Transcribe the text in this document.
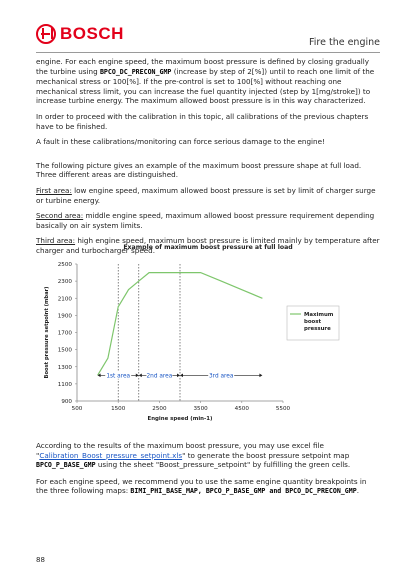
BOSCH	Fire the engine

engine. For each engine speed, the maximum boost pressure is defined by closing gradually the turbine using BPCO_DC_PRECON_GMP (increase by step of 2[%]) until to reach one limit of the mechanical stress or 100[%]. If the pre-control is set to 100[%] without reaching one mechanical stress limit, you can increase the fuel quantity injected (step by 1[mg/stroke]) to increase turbine energy. The maximum allowed boost pressure is in this way characterized.

In order to proceed with the calibration in this topic, all calibrations of the previous chapters have to be finished.

A fault in these calibrations/monitoring can force serious damage to the engine!

The following picture gives an example of the maximum boost pressure shape at full load. Three different areas are distinguished.

First area: low engine speed, maximum allowed boost pressure is set by limit of charger surge or turbine energy.

Second area: middle engine speed, maximum allowed boost pressure requirement depending basically on air system limits.

Third area: high engine speed, maximum boost pressure is limited mainly by temperature after charger and turbocharger speed.

Example of maximum boost pressure at full load
900
1100
1300
1500
1700
1900
2100
2300
2500
500	1500	2500	3500	4500	5500
Engine speed (min-1)
Boost pressure setpoint (mbar)	1st area	2nd area	3rd area
Maximum
boost
pressure

According to the results of the maximum boost pressure, you may use excel file "Calibration_Boost_pressure_setpoint.xls" to generate the boost pressure setpoint map BPCO_P_BASE_GMP using the sheet "Boost_pressure_setpoint" by fulfilling the green cells.

For each engine speed, we recommend you to use the same engine quantity breakpoints in the three following maps: BIMI_PHI_BASE_MAP, BPCO_P_BASE_GMP and BPCO_DC_PRECON_GMP.

88
